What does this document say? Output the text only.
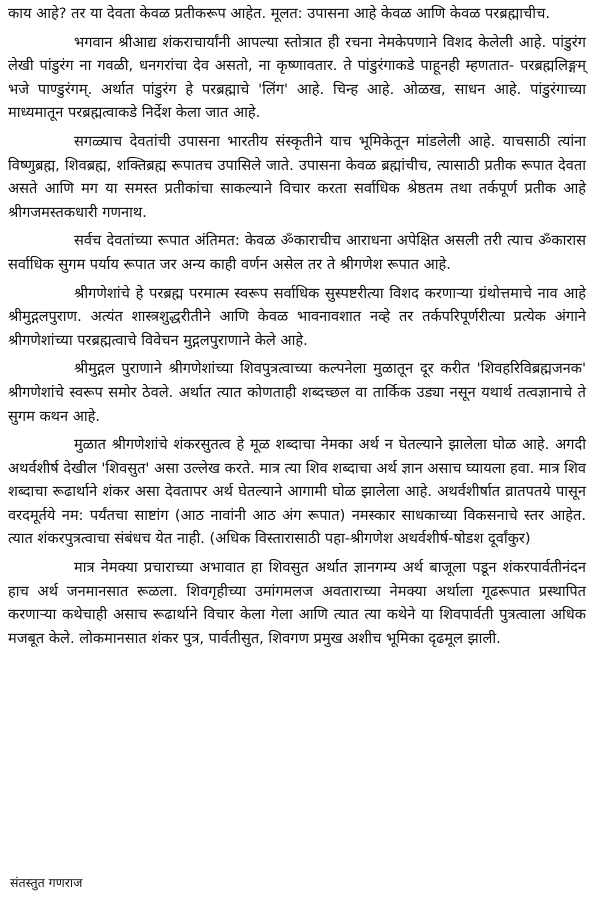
काय आहे? तर या देवता केवळ प्रतीकरूप आहेत. मूलत: उपासना आहे केवळ आणि केवळ परब्रह्माचीच.

भगवान श्रीआद्य शंकराचार्यांनी आपल्या स्तोत्रात ही रचना नेमकेपणाने विशद केलेली आहे. पांडुरंग लेखी पांडुरंग ना गवळी, धनगरांचा देव असतो, ना कृष्णावतार. ते पांडुरंगाकडे पाहूनही म्हणतात- परब्रह्मलिङ्गम् भजे पाण्डुरंगम्. अर्थात पांडुरंग हे परब्रह्माचे 'लिंग' आहे. चिन्ह आहे. ओळख, साधन आहे. पांडुरंगाच्या माध्यमातून परब्रह्मत्वाकडे निर्देश केला जात आहे.

सगळ्याच देवतांची उपासना भारतीय संस्कृतीने याच भूमिकेतून मांडलेली आहे. याचसाठी त्यांना विष्णुब्रह्म, शिवब्रह्म, शक्तिब्रह्म रूपातच उपासिले जाते. उपासना केवळ ब्रह्मांचीच, त्यासाठी प्रतीक रूपात देवता असते आणि मग या समस्त प्रतीकांचा साकल्याने विचार करता सर्वाधिक श्रेष्ठतम तथा तर्कपूर्ण प्रतीक आहे श्रीगजमस्तकधारी गणनाथ.

सर्वच देवतांच्या रूपात अंतिमत: केवळ ॐकाराचीच आराधना अपेक्षित असली तरी त्याच ॐकारास सर्वाधिक सुगम पर्याय रूपात जर अन्य काही वर्णन असेल तर ते श्रीगणेश रूपात आहे.

श्रीगणेशांचे हे परब्रह्म परमात्म स्वरूप सर्वाधिक सुस्पष्टरीत्या विशद करणाऱ्या ग्रंथोत्तमाचे नाव आहे श्रीमुद्गलपुराण. अत्यंत शास्त्रशुद्धरीतीने आणि केवळ भावनावशात नव्हे तर तर्कपरिपूर्णरीत्या प्रत्येक अंगाने श्रीगणेशांच्या परब्रह्मत्वाचे विवेचन मुद्गलपुराणाने केले आहे.

श्रीमुद्गल पुराणाने श्रीगणेशांच्या शिवपुत्रत्वाच्या कल्पनेला मुळातून दूर करीत 'शिवहरिविब्रह्मजनक' श्रीगणेशांचे स्वरूप समोर ठेवले. अर्थात त्यात कोणताही शब्दच्छल वा तार्किक उड्या नसून यथार्थ तत्वज्ञानाचे ते सुगम कथन आहे.

मुळात श्रीगणेशांचे शंकरसुतत्व हे मूळ शब्दाचा नेमका अर्थ न घेतल्याने झालेला घोळ आहे. अगदी अथर्वशीर्ष देखील 'शिवसुत' असा उल्लेख करते. मात्र त्या शिव शब्दाचा अर्थ ज्ञान असाच घ्यायला हवा. मात्र शिव शब्दाचा रूढार्थाने शंकर असा देवतापर अर्थ घेतल्याने आगामी घोळ झालेला आहे. अथर्वशीर्षात व्रातपतये पासून वरदमूर्तये नम: पर्यंतचा साष्टांग (आठ नावांनी आठ अंग रूपात) नमस्कार साधकाच्या विकसनाचे स्तर आहेत. त्यात शंकरपुत्रत्वाचा संबंधच येत नाही. (अधिक विस्तारासाठी पहा-श्रीगणेश अथर्वशीर्ष-षोडश दूर्वांकुर)

मात्र नेमक्या प्रचाराच्या अभावात हा शिवसुत अर्थात ज्ञानगम्य अर्थ बाजूला पडून शंकरपार्वतीनंदन हाच अर्थ जनमानसात रूळला. शिवगृहीच्या उमांगमलज अवताराच्या नेमक्या अर्थाला गूढरूपात प्रस्थापित करणाऱ्या कथेचाही असाच रूढार्थाने विचार केला गेला आणि त्यात त्या कथेने या शिवपार्वती पुत्रत्वाला अधिक मजबूत केले. लोकमानसात शंकर पुत्र, पार्वतीसुत, शिवगण प्रमुख अशीच भूमिका दृढमूल झाली.

संतस्तुत गणराज
